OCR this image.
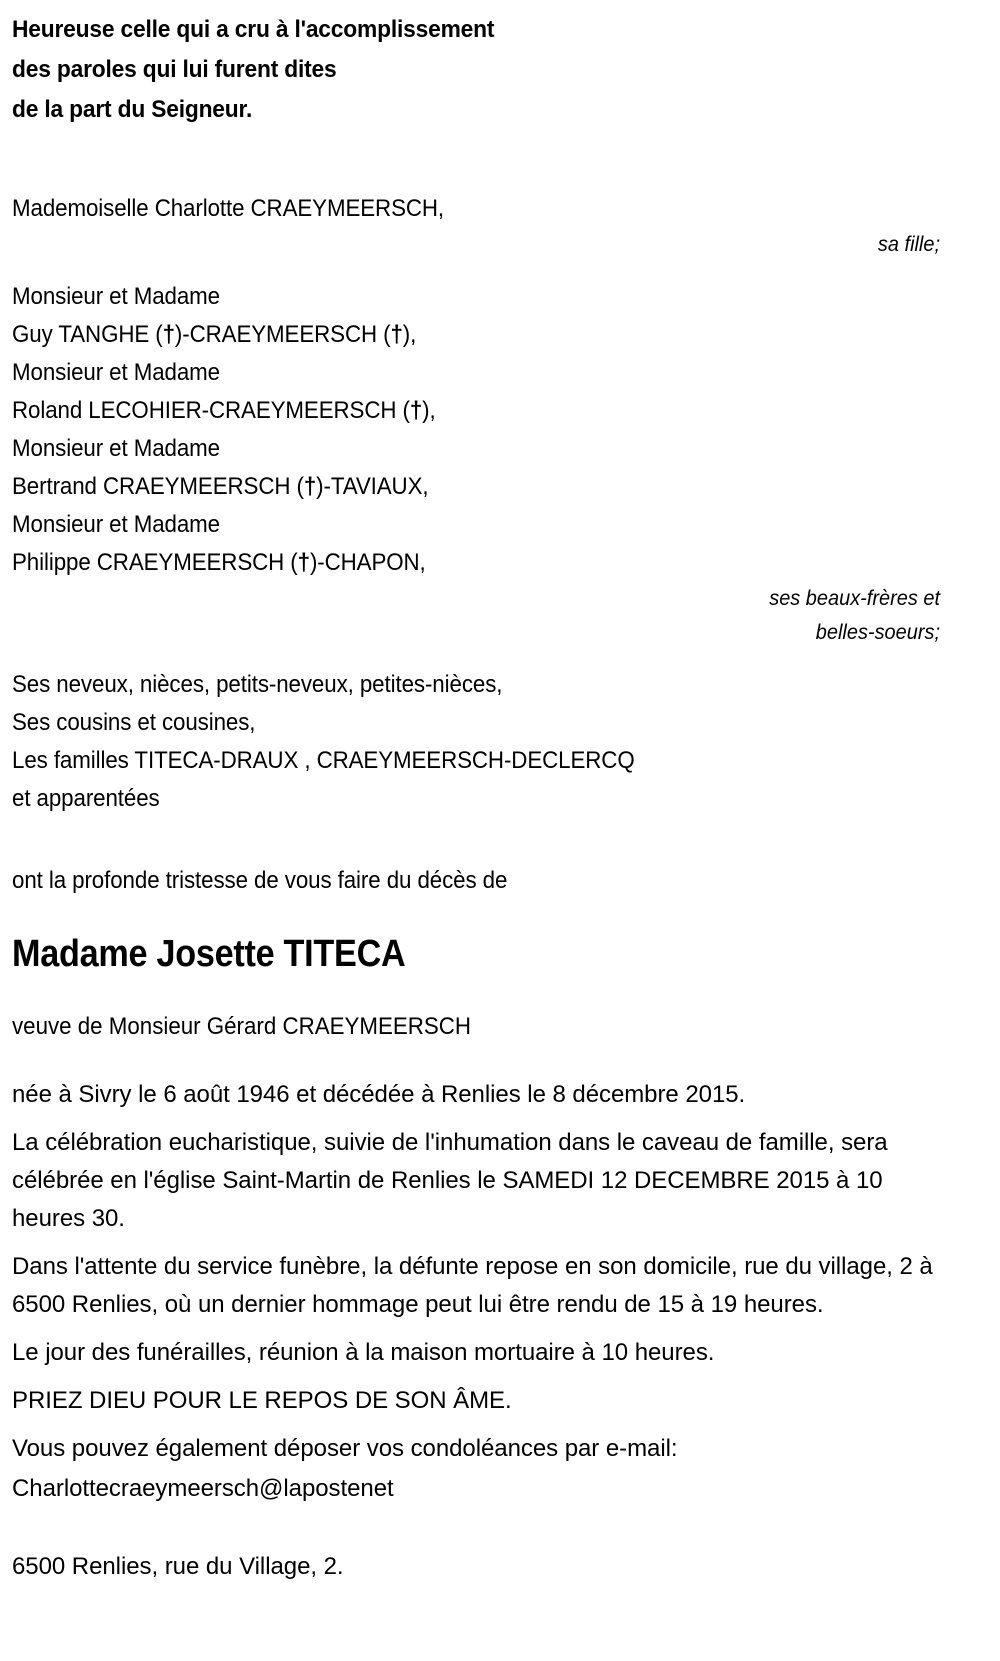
Heureuse celle qui a cru à l'accomplissement
des paroles qui lui furent dites
de la part du Seigneur.
Mademoiselle Charlotte CRAEYMEERSCH,
sa fille;
Monsieur et Madame
Guy TANGHE (†)-CRAEYMEERSCH (†),
Monsieur et Madame
Roland LECOHIER-CRAEYMEERSCH (†),
Monsieur et Madame
Bertrand CRAEYMEERSCH (†)-TAVIAUX,
Monsieur et Madame
Philippe CRAEYMEERSCH (†)-CHAPON,
ses beaux-frères et
belles-soeurs;
Ses neveux, nièces, petits-neveux, petites-nièces,
Ses cousins et cousines,
Les familles TITECA-DRAUX , CRAEYMEERSCH-DECLERCQ
et apparentées
ont la profonde tristesse de vous faire du décès de
Madame Josette TITECA
veuve de Monsieur Gérard CRAEYMEERSCH
née à Sivry le 6 août 1946 et décédée à Renlies le 8 décembre 2015.
La célébration eucharistique, suivie de l'inhumation dans le caveau de famille, sera célébrée en l'église Saint-Martin de Renlies le SAMEDI 12 DECEMBRE 2015 à 10 heures 30.
Dans l'attente du service funèbre, la défunte repose en son domicile, rue du village, 2 à 6500 Renlies, où un dernier hommage peut lui être rendu de 15 à 19 heures.
Le jour des funérailles, réunion à la maison mortuaire à 10 heures.
PRIEZ DIEU POUR LE REPOS DE SON ÂME.
Vous pouvez également déposer vos condoléances par e-mail:
Charlottecraeymeersch@lapostenet
6500 Renlies, rue du Village, 2.
